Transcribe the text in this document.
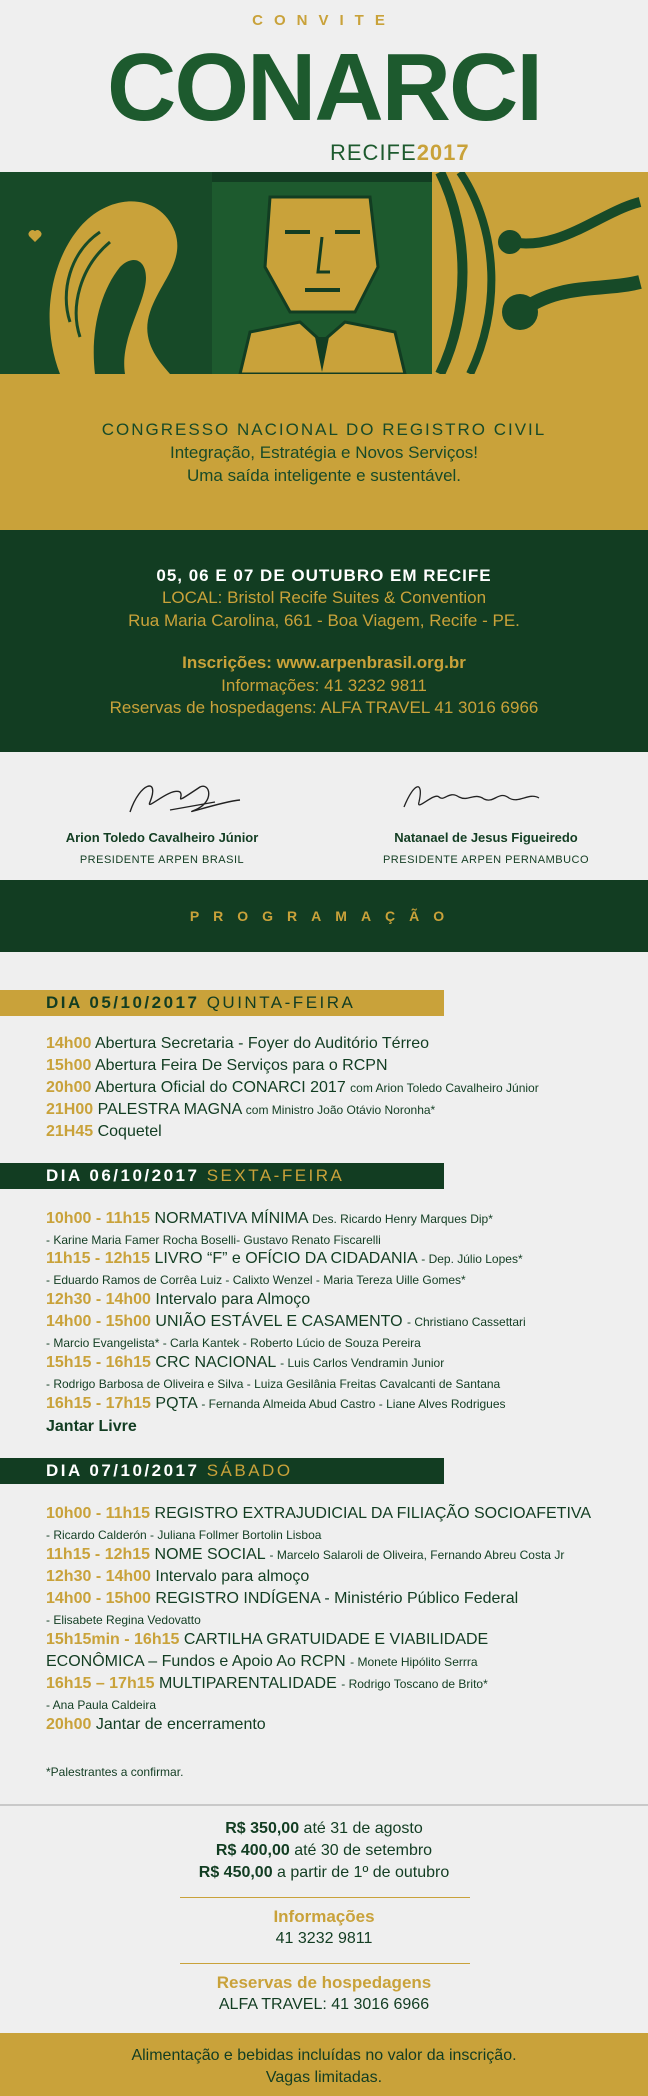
CONVITE
CONARCI
RECIFE2017
CONGRESSO NACIONAL DO REGISTRO CIVIL
Integração, Estratégia e Novos Serviços!
Uma saída inteligente e sustentável.
05, 06 E 07 DE OUTUBRO EM RECIFE
LOCAL: Bristol Recife Suites & Convention
Rua Maria Carolina, 661 - Boa Viagem, Recife - PE.
Inscrições: www.arpenbrasil.org.br
Informações: 41 3232 9811
Reservas de hospedagens: ALFA TRAVEL 41 3016 6966
Arion Toledo Cavalheiro Júnior
PRESIDENTE ARPEN BRASIL
Natanael de Jesus Figueiredo
PRESIDENTE ARPEN PERNAMBUCO
PROGRAMAÇÃO
DIA 05/10/2017 QUINTA-FEIRA
14h00 Abertura Secretaria - Foyer do Auditório Térreo
15h00 Abertura Feira De Serviços para o RCPN
20h00 Abertura Oficial do CONARCI 2017 com Arion Toledo Cavalheiro Júnior
21H00 PALESTRA MAGNA com Ministro João Otávio Noronha*
21H45 Coquetel
DIA 06/10/2017 SEXTA-FEIRA
10h00 - 11h15 NORMATIVA MÍNIMA Des. Ricardo Henry Marques Dip*
- Karine Maria Famer Rocha Boselli- Gustavo Renato Fiscarelli
11h15 - 12h15 LIVRO “F” e OFÍCIO DA CIDADANIA - Dep. Júlio Lopes*
- Eduardo Ramos de Corrêa Luiz - Calixto Wenzel - Maria Tereza Uille Gomes*
12h30 - 14h00 Intervalo para Almoço
14h00 - 15h00 UNIÃO ESTÁVEL E CASAMENTO - Christiano Cassettari
- Marcio Evangelista* - Carla Kantek - Roberto Lúcio de Souza Pereira
15h15 - 16h15 CRC NACIONAL - Luis Carlos Vendramin Junior
- Rodrigo Barbosa de Oliveira e Silva - Luiza Gesilânia Freitas Cavalcanti de Santana
16h15 - 17h15 PQTA - Fernanda Almeida Abud Castro - Liane Alves Rodrigues
Jantar Livre
DIA 07/10/2017 SÁBADO
10h00 - 11h15 REGISTRO EXTRAJUDICIAL DA FILIAÇÃO SOCIOAFETIVA
- Ricardo Calderón - Juliana Follmer Bortolin Lisboa
11h15 - 12h15 NOME SOCIAL - Marcelo Salaroli de Oliveira, Fernando Abreu Costa Jr
12h30 - 14h00 Intervalo para almoço
14h00 - 15h00 REGISTRO INDÍGENA - Ministério Público Federal
- Elisabete Regina Vedovatto
15h15min - 16h15 CARTILHA GRATUIDADE E VIABILIDADE
ECONÔMICA – Fundos e Apoio Ao RCPN - Monete Hipólito Serrra
16h15 – 17h15 MULTIPARENTALIDADE - Rodrigo Toscano de Brito*
- Ana Paula Caldeira
20h00 Jantar de encerramento
*Palestrantes a confirmar.
R$ 350,00 até 31 de agosto
R$ 400,00 até 30 de setembro
R$ 450,00 a partir de 1º de outubro
Informações
41 3232 9811
Reservas de hospedagens
ALFA TRAVEL: 41 3016 6966
Alimentação e bebidas incluídas no valor da inscrição.
Vagas limitadas.
